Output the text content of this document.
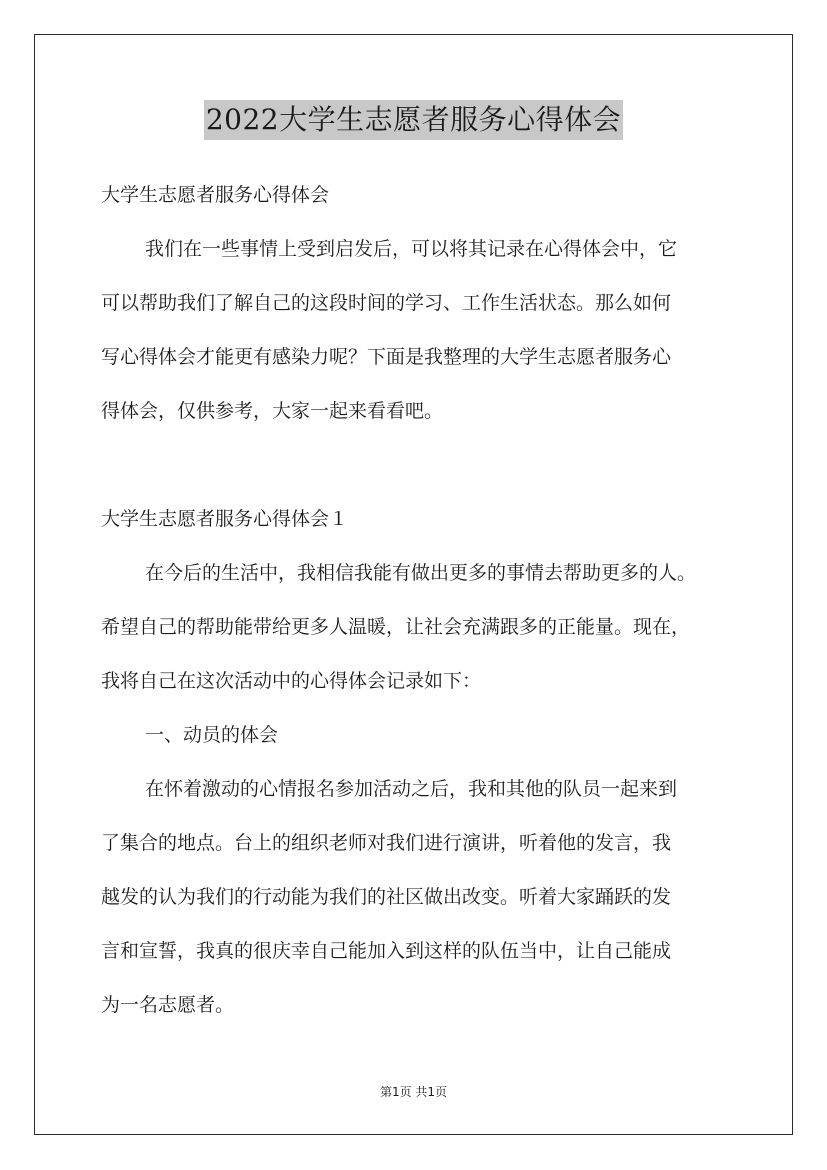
2022大学生志愿者服务心得体会
大学生志愿者服务心得体会
我们在一些事情上受到启发后，可以将其记录在心得体会中，它
可以帮助我们了解自己的这段时间的学习、工作生活状态。那么如何
写心得体会才能更有感染力呢？下面是我整理的大学生志愿者服务心
得体会，仅供参考，大家一起来看看吧。
大学生志愿者服务心得体会１
在今后的生活中，我相信我能有做出更多的事情去帮助更多的人。
希望自己的帮助能带给更多人温暖，让社会充满跟多的正能量。现在，
我将自己在这次活动中的心得体会记录如下：
一、动员的体会
在怀着激动的心情报名参加活动之后，我和其他的队员一起来到
了集合的地点。台上的组织老师对我们进行演讲，听着他的发言，我
越发的认为我们的行动能为我们的社区做出改变。听着大家踊跃的发
言和宣誓，我真的很庆幸自己能加入到这样的队伍当中，让自己能成
为一名志愿者。
第1页 共1页
